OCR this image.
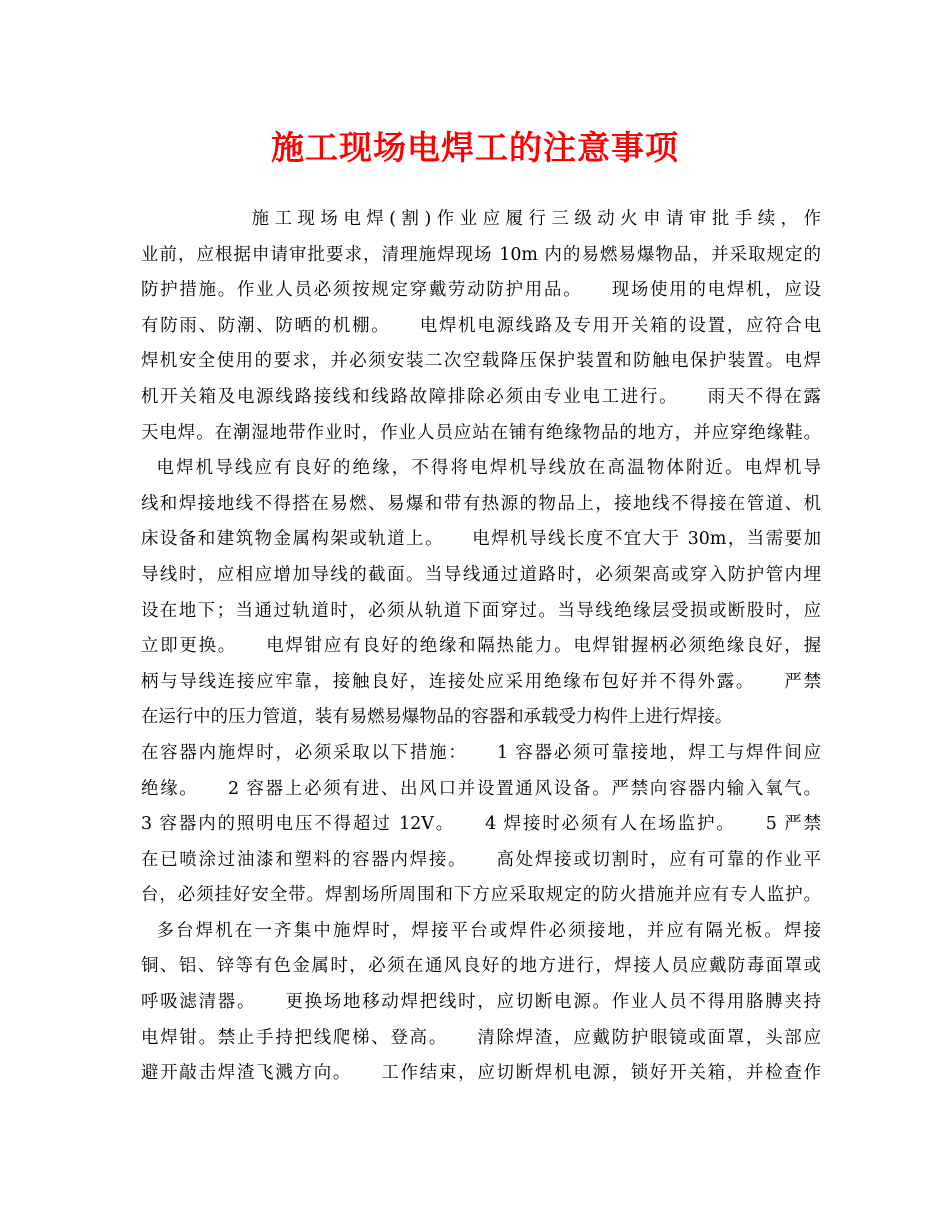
施工现场电焊工的注意事项
施工现场电焊(割)作业应履行三级动火申请审批手续，作
业前，应根据申请审批要求，清理施焊现场 10m 内的易燃易爆物品，并采取规定的
防护措施。作业人员必须按规定穿戴劳动防护用品。    现场使用的电焊机，应设
有防雨、防潮、防晒的机棚。    电焊机电源线路及专用开关箱的设置，应符合电
焊机安全使用的要求，并必须安装二次空载降压保护装置和防触电保护装置。电焊
机开关箱及电源线路接线和线路故障排除必须由专业电工进行。    雨天不得在露
天电焊。在潮湿地带作业时，作业人员应站在铺有绝缘物品的地方，并应穿绝缘鞋。
电焊机导线应有良好的绝缘，不得将电焊机导线放在高温物体附近。电焊机导
线和焊接地线不得搭在易燃、易爆和带有热源的物品上，接地线不得接在管道、机
床设备和建筑物金属构架或轨道上。    电焊机导线长度不宜大于 30m，当需要加
导线时，应相应增加导线的截面。当导线通过道路时，必须架高或穿入防护管内埋
设在地下；当通过轨道时，必须从轨道下面穿过。当导线绝缘层受损或断股时，应
立即更换。    电焊钳应有良好的绝缘和隔热能力。电焊钳握柄必须绝缘良好，握
柄与导线连接应牢靠，接触良好，连接处应采用绝缘布包好并不得外露。    严禁
在运行中的压力管道，装有易燃易爆物品的容器和承载受力构件上进行焊接。
在容器内施焊时，必须采取以下措施：    1 容器必须可靠接地，焊工与焊件间应
绝缘。    2 容器上必须有进、出风口并设置通风设备。严禁向容器内输入氧气。
3 容器内的照明电压不得超过 12V。    4 焊接时必须有人在场监护。    5 严禁
在已喷涂过油漆和塑料的容器内焊接。    高处焊接或切割时，应有可靠的作业平
台，必须挂好安全带。焊割场所周围和下方应采取规定的防火措施并应有专人监护。
多台焊机在一齐集中施焊时，焊接平台或焊件必须接地，并应有隔光板。焊接
铜、铝、锌等有色金属时，必须在通风良好的地方进行，焊接人员应戴防毒面罩或
呼吸滤清器。    更换场地移动焊把线时，应切断电源。作业人员不得用胳膊夹持
电焊钳。禁止手持把线爬梯、登高。    清除焊渣，应戴防护眼镜或面罩，头部应
避开敲击焊渣飞溅方向。    工作结束，应切断焊机电源，锁好开关箱，并检查作
